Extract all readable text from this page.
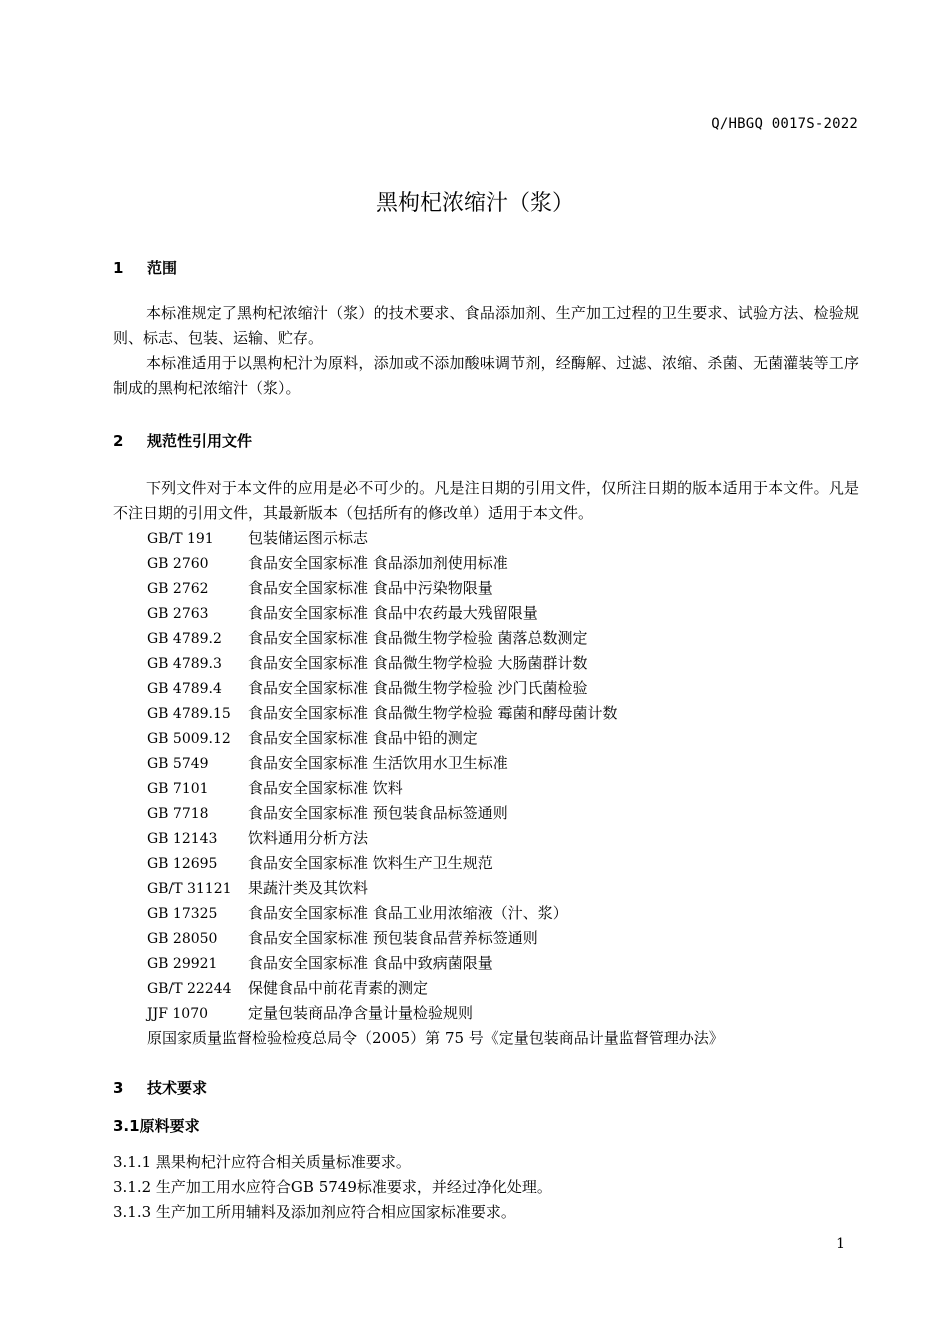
Q/HBGQ 0017S-2022
黑枸杞浓缩汁（浆）
1 范围
本标准规定了黑枸杞浓缩汁（浆）的技术要求、食品添加剂、生产加工过程的卫生要求、试验方法、检验规则、标志、包装、运输、贮存。
本标准适用于以黑枸杞汁为原料，添加或不添加酸味调节剂，经酶解、过滤、浓缩、杀菌、无菌灌装等工序制成的黑枸杞浓缩汁（浆）。
2 规范性引用文件
下列文件对于本文件的应用是必不可少的。凡是注日期的引用文件，仅所注日期的版本适用于本文件。凡是不注日期的引用文件，其最新版本（包括所有的修改单）适用于本文件。
GB/T 191 包装储运图示标志
GB 2760	食品安全国家标准 食品添加剂使用标准
GB 2762	食品安全国家标准 食品中污染物限量
GB 2763	食品安全国家标准 食品中农药最大残留限量
GB 4789.2 食品安全国家标准 食品微生物学检验 菌落总数测定
GB 4789.3 食品安全国家标准 食品微生物学检验 大肠菌群计数
GB 4789.4 食品安全国家标准 食品微生物学检验 沙门氏菌检验
GB 4789.15 食品安全国家标准 食品微生物学检验 霉菌和酵母菌计数
GB 5009.12 食品安全国家标准 食品中铅的测定
GB 5749	食品安全国家标准 生活饮用水卫生标准
GB 7101	食品安全国家标准 饮料
GB 7718	食品安全国家标准 预包装食品标签通则
GB 12143 饮料通用分析方法
GB 12695 食品安全国家标准 饮料生产卫生规范
GB/T 31121 果蔬汁类及其饮料
GB 17325 食品安全国家标准 食品工业用浓缩液（汁、浆）
GB 28050 食品安全国家标准 预包装食品营养标签通则
GB 29921 食品安全国家标准 食品中致病菌限量
GB/T 22244 保健食品中前花青素的测定
JJF 1070	定量包装商品净含量计量检验规则
原国家质量监督检验检疫总局令（2005）第 75 号《定量包装商品计量监督管理办法》
3 技术要求
3.1原料要求
3.1.1 黑果枸杞汁应符合相关质量标准要求。
3.1.2 生产加工用水应符合GB 5749标准要求，并经过净化处理。
3.1.3 生产加工所用辅料及添加剂应符合相应国家标准要求。
1
